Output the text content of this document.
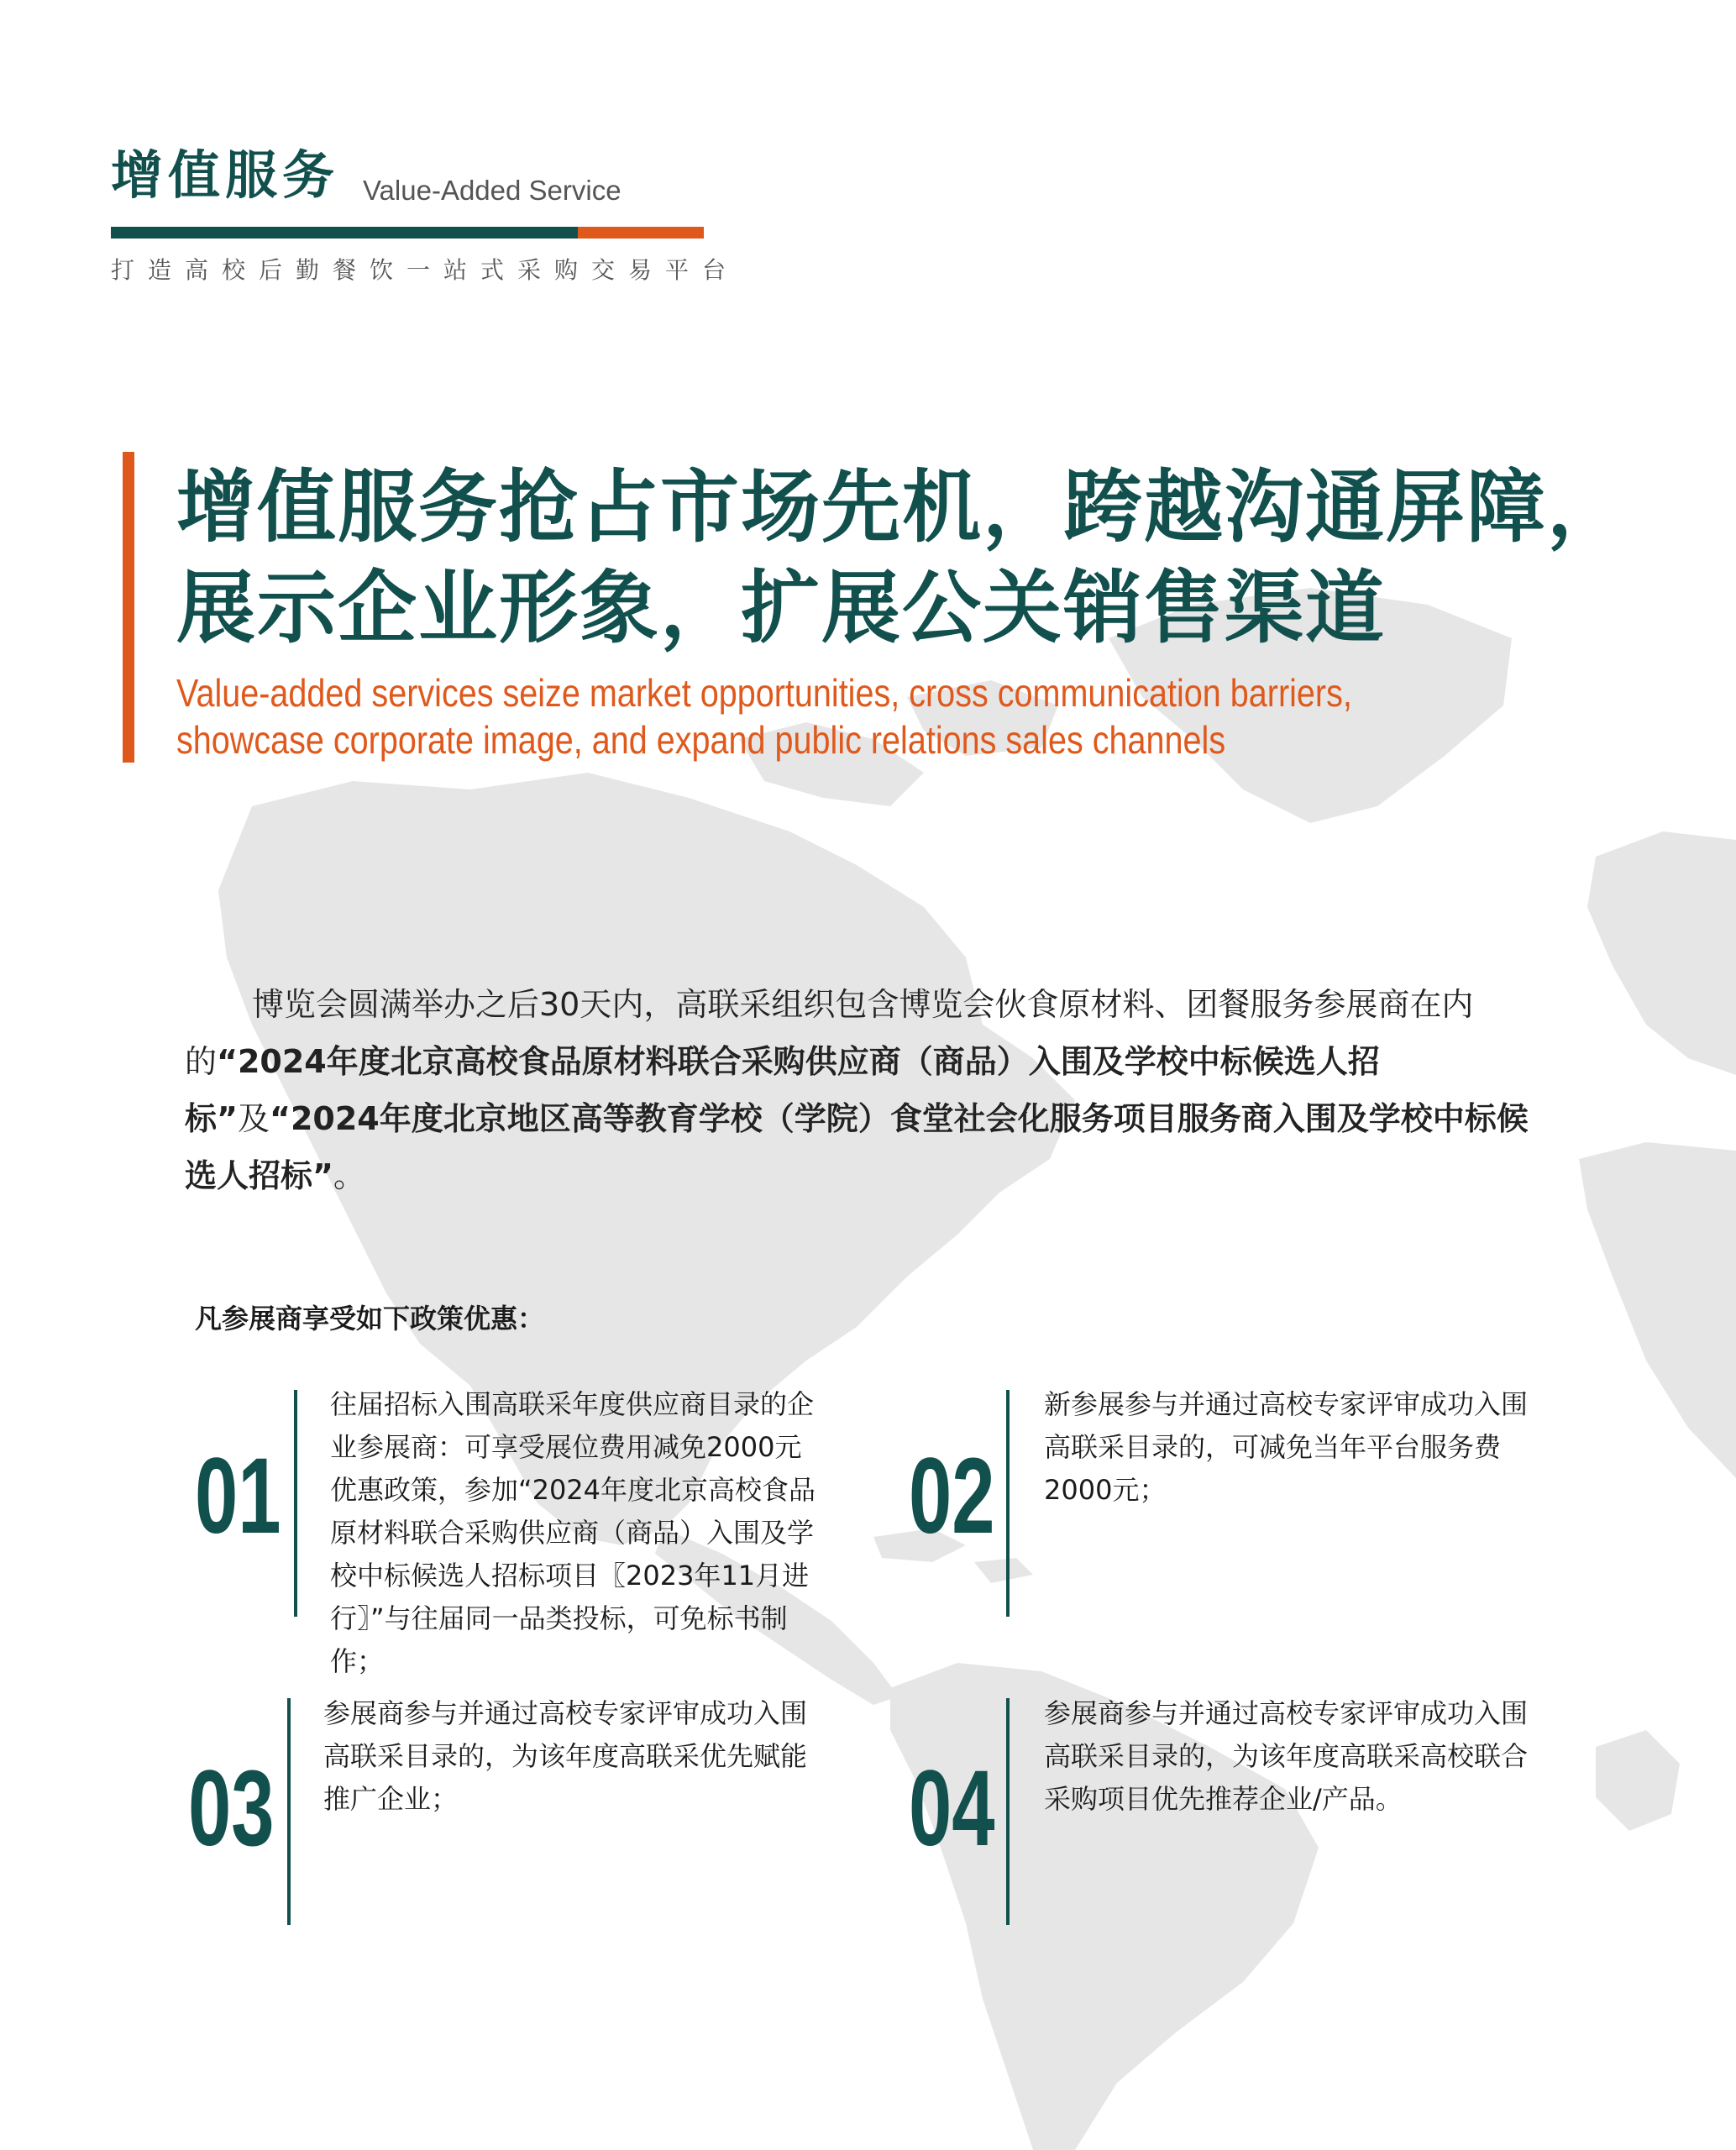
增值服务 Value-Added Service
打造高校后勤餐饮一站式采购交易平台
增值服务抢占市场先机，跨越沟通屏障，
展示企业形象，扩展公关销售渠道
Value-added services seize market opportunities, cross communication barriers,
showcase corporate image, and expand public relations sales channels
博览会圆满举办之后30天内，高联采组织包含博览会伙食原材料、团餐服务参展商在内的“2024年度北京高校食品原材料联合采购供应商（商品）入围及学校中标候选人招标”及“2024年度北京地区高等教育学校（学院）食堂社会化服务项目服务商入围及学校中标候选人招标”。
凡参展商享受如下政策优惠：
01
往届招标入围高联采年度供应商目录的企业参展商：可享受展位费用减免2000元优惠政策，参加“2024年度北京高校食品原材料联合采购供应商（商品）入围及学校中标候选人招标项目〖2023年11月进行〗”与往届同一品类投标，可免标书制作；
02
新参展参与并通过高校专家评审成功入围高联采目录的，可减免当年平台服务费2000元；
03
参展商参与并通过高校专家评审成功入围高联采目录的，为该年度高联采优先赋能推广企业；	04
参展商参与并通过高校专家评审成功入围高联采目录的，为该年度高联采高校联合采购项目优先推荐企业/产品。
